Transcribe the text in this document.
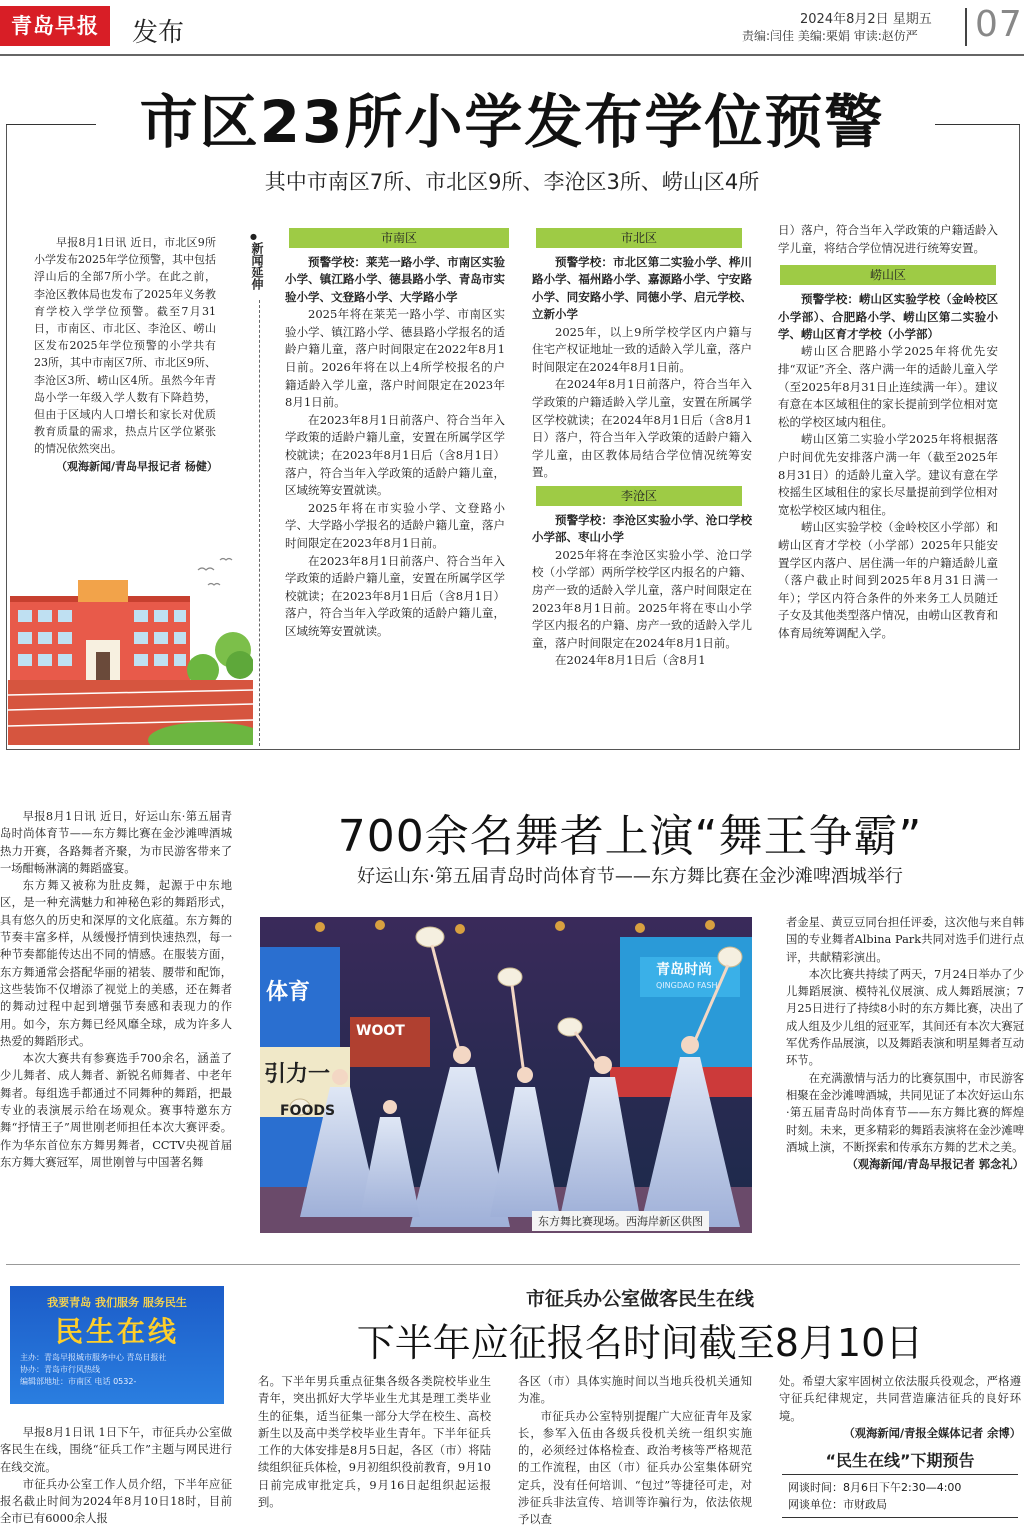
青岛早报	发布	2024年8月2日 星期五
责编:闫佳 美编:栗娟 审读:赵仿严 07
市区23所小学发布学位预警
其中市南区7所、市北区9所、李沧区3所、崂山区4所

早报8月1日讯 近日，市北区9所小学发布2025年学位预警，其中包括浮山后的全部7所小学。在此之前，李沧区教体局也发布了2025年义务教育学校入学学位预警。截至7月31日，市南区、市北区、李沧区、崂山区发布2025年学位预警的小学共有23所，其中市南区7所、市北区9所、李沧区3所、崂山区4所。虽然今年青岛小学一年级入学人数有下降趋势，但由于区域内人口增长和家长对优质教育质量的需求，热点片区学位紧张的情况依然突出。

（观海新闻/青岛早报记者 杨健）

●
新闻延伸
市南区

预警学校：莱芜一路小学、市南区实验小学、镇江路小学、德县路小学、青岛市实验小学、文登路小学、大学路小学

2025年将在莱芜一路小学、市南区实验小学、镇江路小学、德县路小学报名的适龄户籍儿童，落户时间限定在2022年8月1日前。2026年将在以上4所学校报名的户籍适龄入学儿童，落户时间限定在2023年8月1日前。

在2023年8月1日前落户、符合当年入学政策的适龄户籍儿童，安置在所属学区学校就读；在2023年8月1日后（含8月1日）落户，符合当年入学政策的适龄户籍儿童，区域统筹安置就读。

2025年将在市实验小学、文登路小学、大学路小学报名的适龄户籍儿童，落户时间限定在2023年8月1日前。

在2023年8月1日前落户、符合当年入学政策的适龄户籍儿童，安置在所属学区学校就读；在2023年8月1日后（含8月1日）落户，符合当年入学政策的适龄户籍儿童，区域统筹安置就读。

市北区

预警学校：市北区第二实验小学、桦川路小学、福州路小学、嘉源路小学、宁安路小学、同安路小学、同德小学、启元学校、立新小学

2025年，以上9所学校学区内户籍与住宅产权证地址一致的适龄入学儿童，落户时间限定在2024年8月1日前。

在2024年8月1日前落户，符合当年入学政策的户籍适龄入学儿童，安置在所属学区学校就读；在2024年8月1日后（含8月1日）落户，符合当年入学政策的适龄户籍入学儿童，由区教体局结合学位情况统筹安置。

李沧区

预警学校：李沧区实验小学、沧口学校小学部、枣山小学

2025年将在李沧区实验小学、沧口学校（小学部）两所学校学区内报名的户籍、房产一致的适龄入学儿童，落户时间限定在2023年8月1日前。2025年将在枣山小学学区内报名的户籍、房产一致的适龄入学儿童，落户时间限定在2024年8月1日前。

在2024年8月1日后（含8月1

日）落户，符合当年入学政策的户籍适龄入学儿童，将结合学位情况进行统筹安置。

崂山区

预警学校：崂山区实验学校（金岭校区小学部）、合肥路小学、崂山区第二实验小学、崂山区育才学校（小学部）

崂山区合肥路小学2025年将优先安排“双证”齐全、落户满一年的适龄儿童入学（至2025年8月31日止连续满一年）。建议有意在本区域租住的家长提前到学位相对宽松的学校区域内租住。

崂山区第二实验小学2025年将根据落户时间优先安排落户满一年（截至2025年8月31日）的适龄儿童入学。建议有意在学校摇生区域租住的家长尽量提前到学位相对宽松学校区域内租住。

崂山区实验学校（金岭校区小学部）和崂山区育才学校（小学部）2025年只能安置学区内落户、居住满一年的户籍适龄儿童（落户截止时间到2025年8月31日满一年）；学区内符合条件的外来务工人员随迁子女及其他类型落户情况，由崂山区教育和体育局统筹调配入学。

早报8月1日讯 近日，好运山东·第五届青岛时尚体育节——东方舞比赛在金沙滩啤酒城热力开赛，各路舞者齐聚，为市民游客带来了一场酣畅淋漓的舞蹈盛宴。

东方舞又被称为肚皮舞，起源于中东地区，是一种充满魅力和神秘色彩的舞蹈形式，具有悠久的历史和深厚的文化底蕴。东方舞的节奏丰富多样，从缓慢抒情到快速热烈，每一种节奏都能传达出不同的情感。在服装方面，东方舞通常会搭配华丽的裙装、腰带和配饰，这些装饰不仅增添了视觉上的美感，还在舞者的舞动过程中起到增强节奏感和表现力的作用。如今，东方舞已经风靡全球，成为许多人热爱的舞蹈形式。

本次大赛共有参赛选手700余名，涵盖了少儿舞者、成人舞者、新锐名师舞者、中老年舞者。每组选手都通过不同舞种的舞蹈，把最专业的表演展示给在场观众。赛事特邀东方舞“抒情王子”周世刚老师担任本次大赛评委。作为华东首位东方舞男舞者，CCTV央视首届东方舞大赛冠军，周世刚曾与中国著名舞

700余名舞者上演“舞王争霸”
好运山东·第五届青岛时尚体育节——东方舞比赛在金沙滩啤酒城举行
体育
青岛时尚
QINGDAO FASH
引力一
FOODS
WOOT
东方舞比赛现场。西海岸新区供图

者金星、黄豆豆同台担任评委，这次他与来自韩国的专业舞者Albina Park共同对选手们进行点评，共献精彩演出。

本次比赛共持续了两天，7月24日举办了少儿舞蹈展演、模特礼仪展演、成人舞蹈展演；7月25日进行了持续8小时的东方舞比赛，决出了成人组及少儿组的冠亚军，其间还有本次大赛冠军优秀作品展演，以及舞蹈表演和明星舞者互动环节。

在充满激情与活力的比赛氛围中，市民游客相聚在金沙滩啤酒城，共同见证了本次好运山东·第五届青岛时尚体育节——东方舞比赛的辉煌时刻。未来，更多精彩的舞蹈表演将在金沙滩啤酒城上演，不断探索和传承东方舞的艺术之美。

（观海新闻/青岛早报记者 郭念礼）

我要青岛 我们服务 服务民生
民生在线
主办：青岛早报城市服务中心 青岛日报社
协办：青岛市行风热线
编辑部地址：市南区 电话 0532-

早报8月1日讯 1日下午，市征兵办公室做客民生在线，围绕“征兵工作”主题与网民进行在线交流。

市征兵办公室工作人员介绍，下半年应征报名截止时间为2024年8月10日18时，目前全市已有6000余人报

市征兵办公室做客民生在线
下半年应征报名时间截至8月10日

名。下半年男兵重点征集各级各类院校毕业生青年，突出抓好大学毕业生尤其是理工类毕业生的征集，适当征集一部分大学在校生、高校新生以及高中类学校毕业生青年。下半年征兵工作的大体安排是8月5日起，各区（市）将陆续组织征兵体检，9月初组织役前教育，9月10日前完成审批定兵，9月16日起组织起运报到。

各区（市）具体实施时间以当地兵役机关通知为准。

市征兵办公室特别提醒广大应征青年及家长，参军入伍由各级兵役机关统一组织实施的，必须经过体格检查、政治考核等严格规范的工作流程，由区（市）征兵办公室集体研究定兵，没有任何培训、“包过”等捷径可走，对涉征兵非法宣传、培训等诈骗行为，依法依规予以查

处。希望大家牢固树立依法服兵役观念，严格遵守征兵纪律规定，共同营造廉洁征兵的良好环境。

（观海新闻/青报全媒体记者 余博）

“民生在线”下期预告
网谈时间：8月6日下午2:30—4:00
网谈单位：市财政局
